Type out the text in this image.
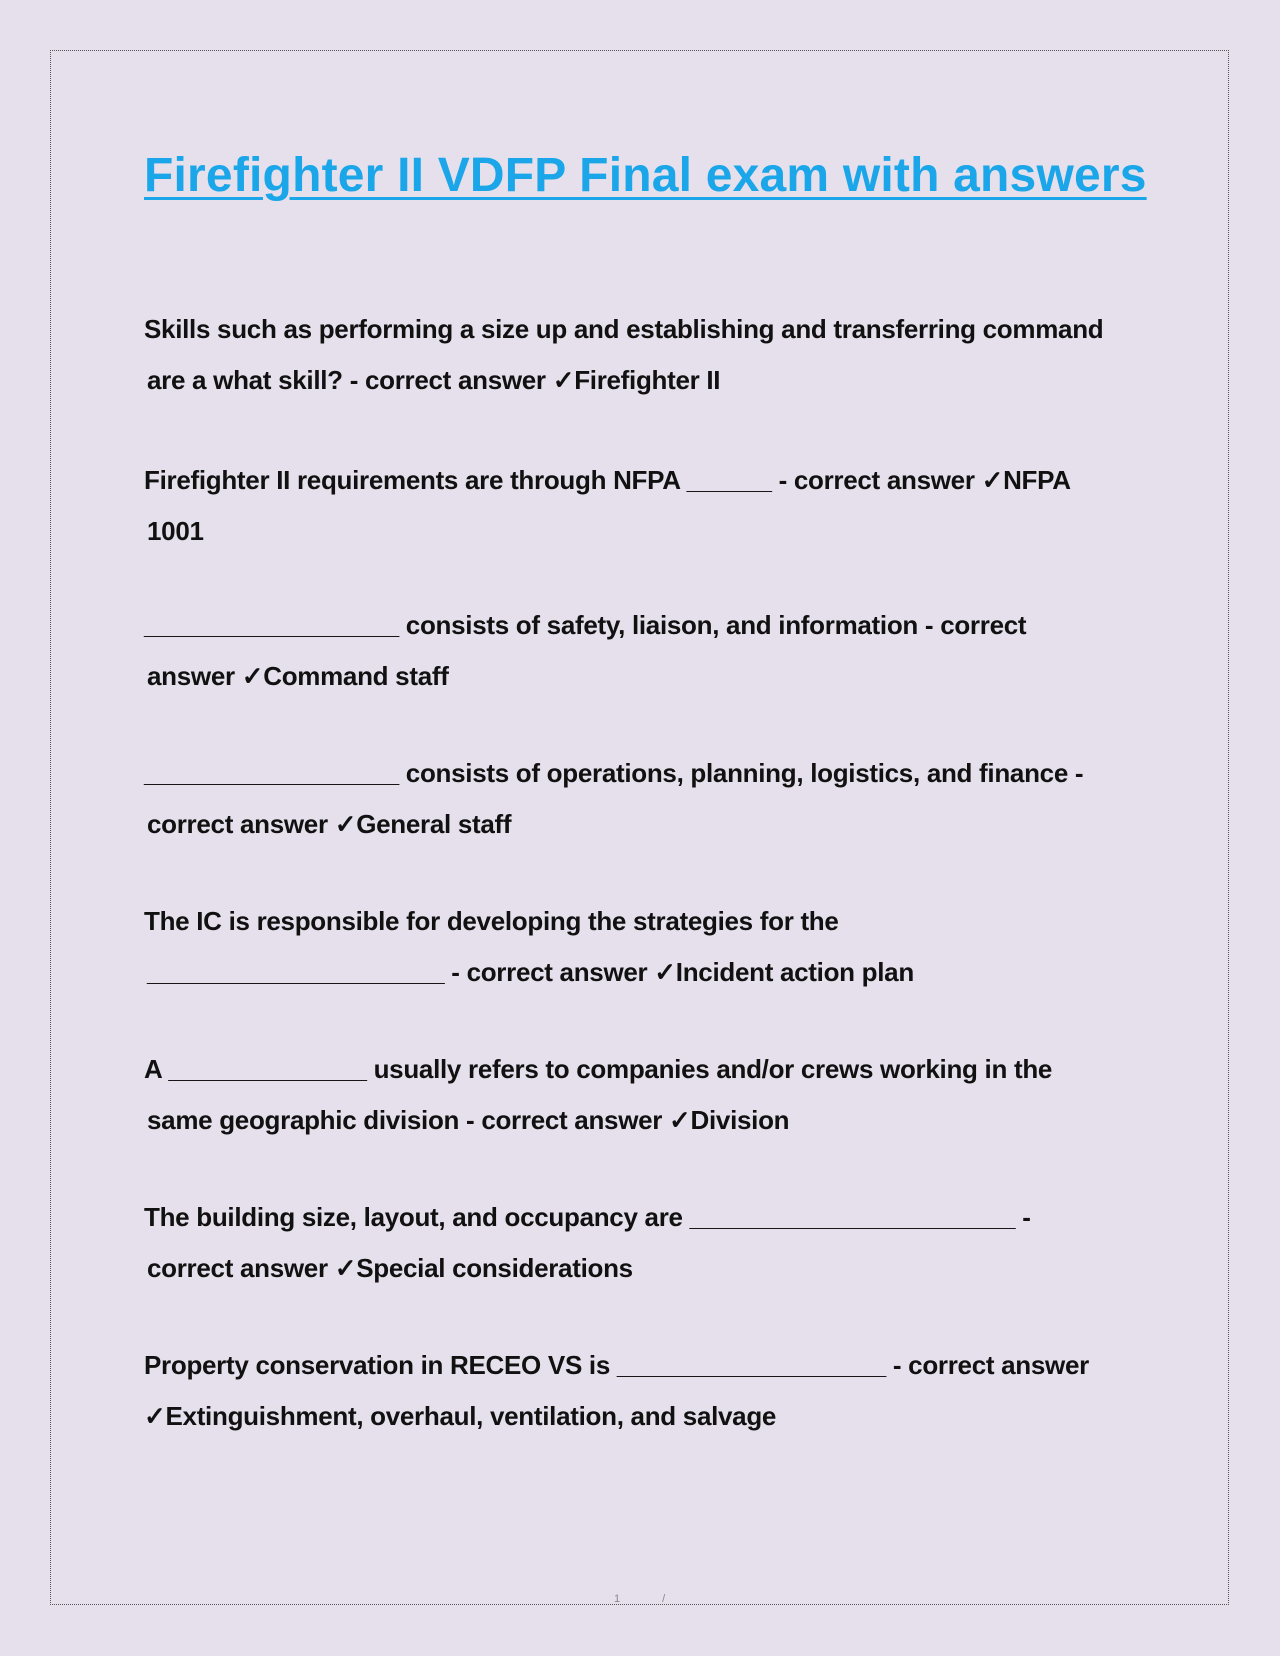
Firefighter II VDFP Final exam with answers

Skills such as performing a size up and establishing and transferring command
are a what skill? - correct answer ✓Firefighter II

Firefighter II requirements are through NFPA ______ - correct answer ✓NFPA
1001

__________________ consists of safety, liaison, and information - correct
answer ✓Command staff

__________________ consists of operations, planning, logistics, and finance -
correct answer ✓General staff

The IC is responsible for developing the strategies for the
_____________________ - correct answer ✓Incident action plan

A ______________ usually refers to companies and/or crews working in the
same geographic division - correct answer ✓Division

The building size, layout, and occupancy are _______________________ -
correct answer ✓Special considerations

Property conservation in RECEO VS is ___________________ - correct answer
✓Extinguishment, overhaul, ventilation, and salvage

1	/
